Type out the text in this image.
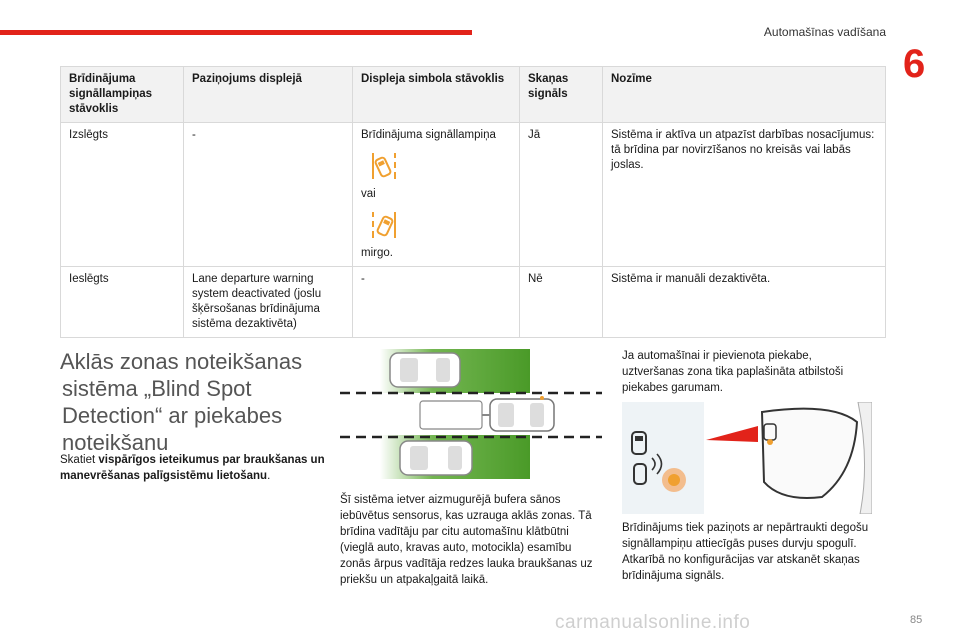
Automašīnas vadīšana
6
Brīdinājuma signāllampiņas stāvoklis	Paziņojums displejā	Displeja simbola stāvoklis	Skaņas signāls	Nozīme
Izslēgts	-	Brīdinājuma signāllampiņa
vai
mirgo.	Jā	Sistēma ir aktīva un atpazīst darbības nosacījumus: tā brīdina par novirzīšanos no kreisās vai labās joslas.
Ieslēgts	Lane departure warning system deactivated (joslu šķērsošanas brīdinājuma sistēma dezaktivēta)	-	Nē	Sistēma ir manuāli dezaktivēta.
Aklās zonas noteikšanas
sistēma „Blind Spot
Detection“ ar piekabes
noteikšanu

Skatiet vispārīgos ieteikumus par braukšanas un manevrēšanas palīgsistēmu lietošanu.

Šī sistēma ietver aizmugurējā bufera sānos iebūvētus sensorus, kas uzrauga aklās zonas. Tā brīdina vadītāju par citu automašīnu klātbūtni (vieglā auto, kravas auto, motocikla) esamību zonās ārpus vadītāja redzes lauka braukšanas uz priekšu un atpakaļgaitā laikā.

Ja automašīnai ir pievienota piekabe, uztveršanas zona tika paplašināta atbilstoši piekabes garumam.

Brīdinājums tiek paziņots ar nepārtraukti degošu signāllampiņu attiecīgās puses durvju spogulī. Atkarībā no konfigurācijas var atskanēt skaņas brīdinājuma signāls.

carmanualsonline.info	85
